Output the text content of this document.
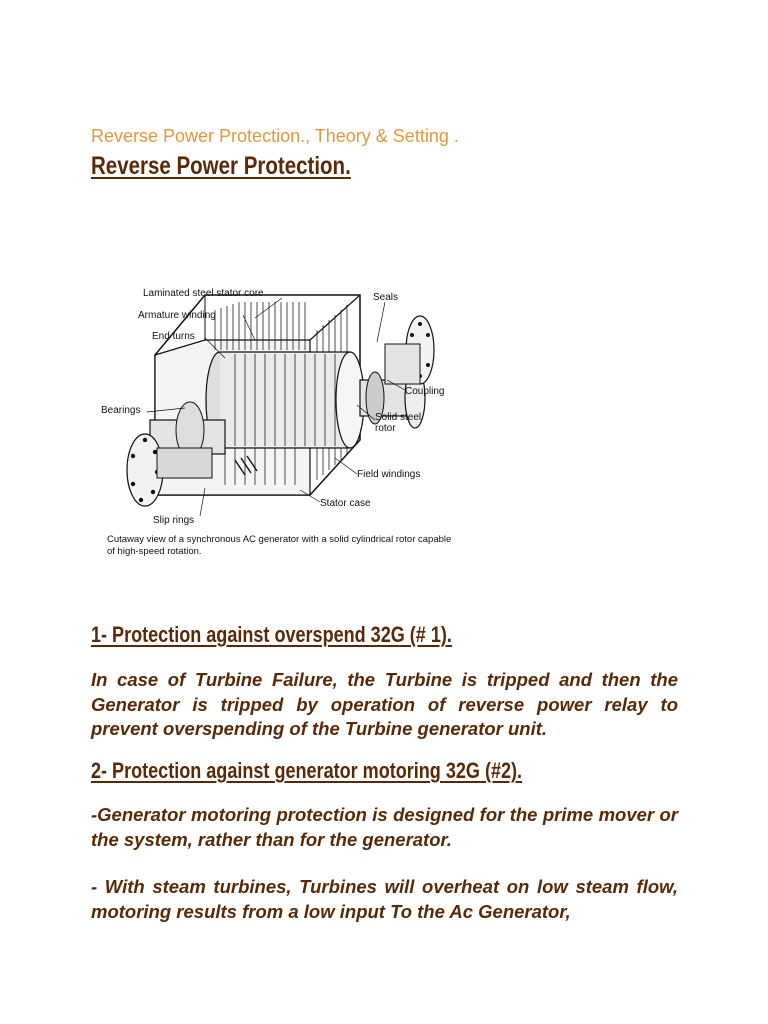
Reverse Power Protection., Theory & Setting .
Reverse Power Protection.
Laminated steel stator core
Armature winding
End turns
Seals
Coupling
Bearings
Solid steel rotor
Field windings
Stator case
Slip rings
Cutaway view of a synchronous AC generator with a solid cylindrical rotor capable of high-speed rotation.
1- Protection against overspend 32G (# 1).

In case of Turbine Failure, the Turbine is tripped and then the Generator is tripped by operation of reverse power relay to prevent overspending of the Turbine generator unit.

2- Protection against generator motoring 32G (#2).

-Generator motoring protection is designed for the prime mover or the system, rather than for the generator.

- With steam turbines, Turbines will overheat on low steam flow, motoring results from a low input To the Ac Generator,
